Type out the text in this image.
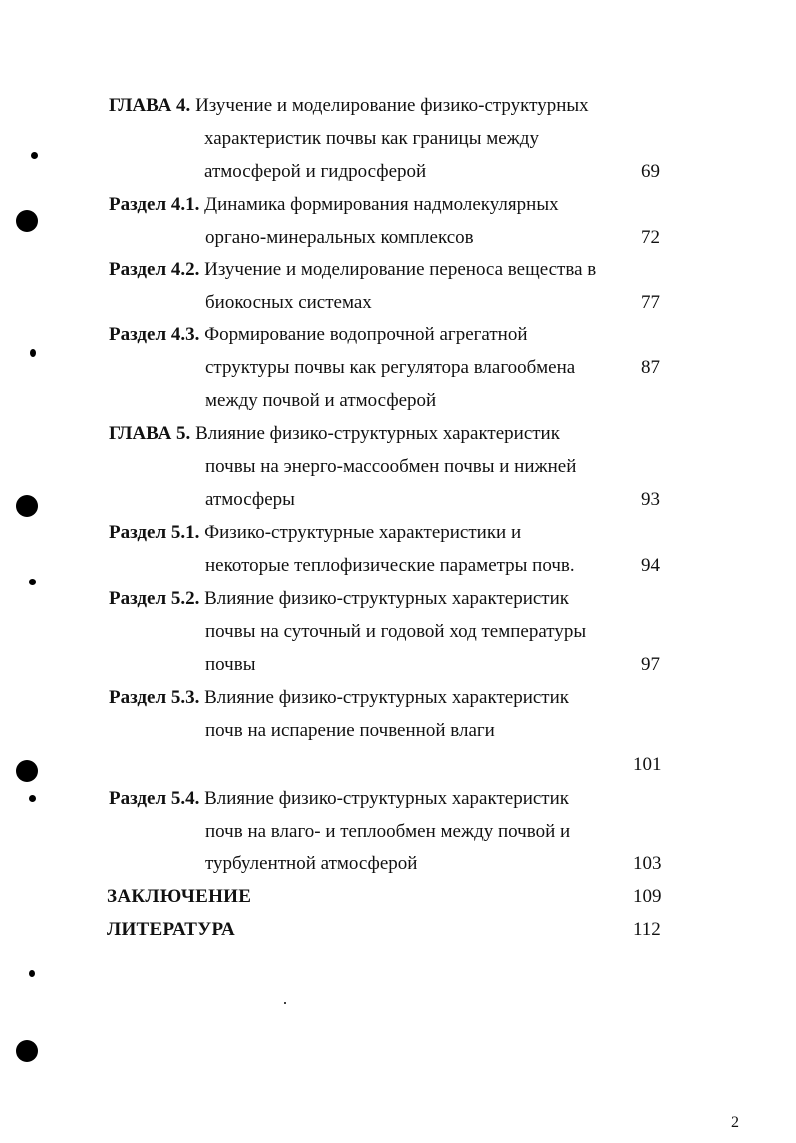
ГЛАВА 4. Изучение и моделирование физико-структурных
характеристик почвы как границы между
атмосферой и гидросферой	69
Раздел 4.1. Динамика формирования надмолекулярных
органо-минеральных комплексов	72
Раздел 4.2. Изучение и моделирование переноса вещества в
биокосных системах	77
Раздел 4.3. Формирование водопрочной агрегатной
структуры почвы как регулятора влагообмена	87
между почвой и атмосферой
ГЛАВА 5. Влияние физико-структурных характеристик
почвы на энерго-массообмен почвы и нижней
атмосферы	93
Раздел 5.1. Физико-структурные характеристики и
некоторые теплофизические параметры почв.	94
Раздел 5.2. Влияние физико-структурных характеристик
почвы на суточный и годовой ход температуры
почвы	97
Раздел 5.3. Влияние физико-структурных характеристик
почв на испарение почвенной влаги
101
Раздел 5.4. Влияние физико-структурных характеристик
почв на влаго- и теплообмен между почвой и
турбулентной атмосферой	103
ЗАКЛЮЧЕНИЕ	109
ЛИТЕРАТУРА	112
2
